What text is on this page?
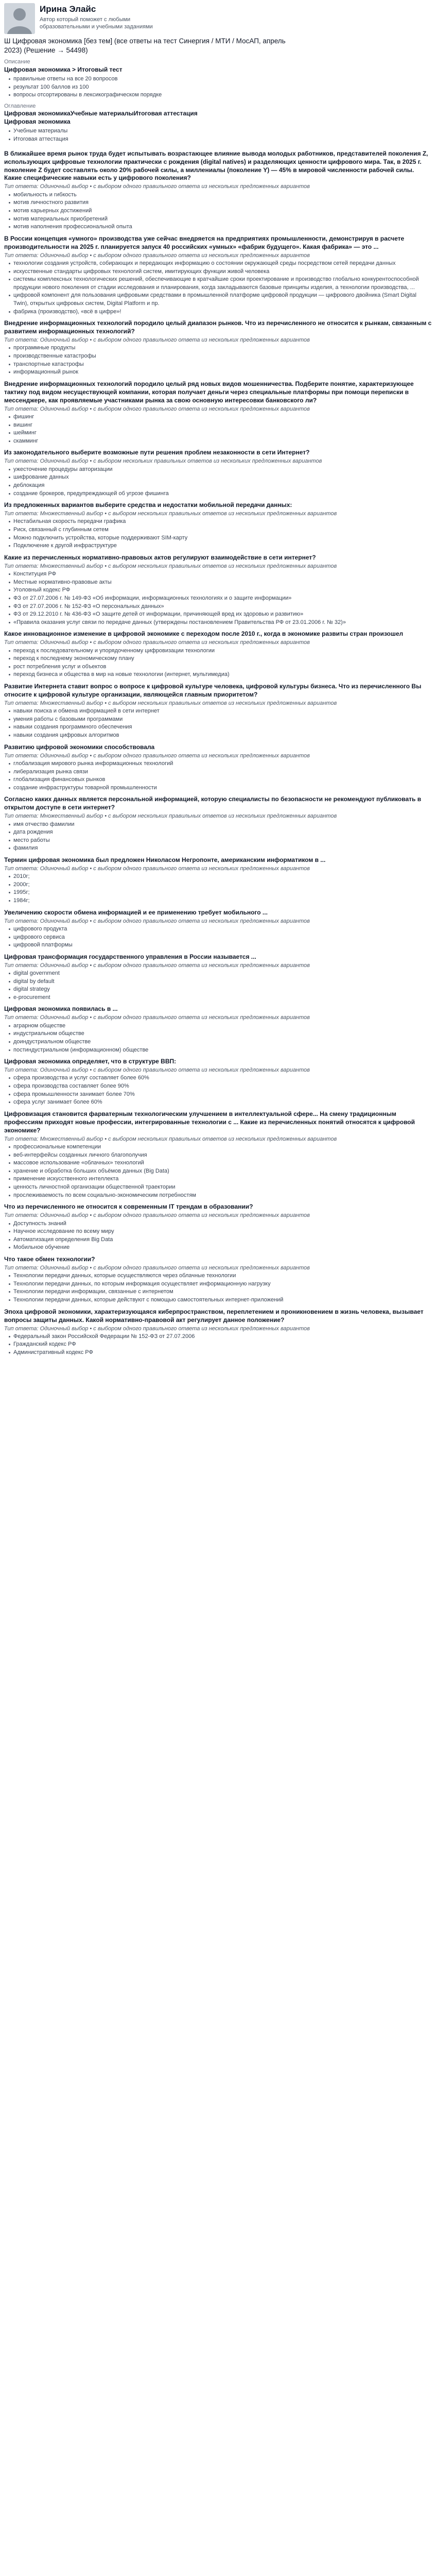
Ирина Элайс
Автор который поможет с любыми образовательными и учебными заданиями
Ш Цифровая экономика [без тем] (все ответы на тест Синергия / МТИ / МосАП, апрель 2023) (Решение → 54498)
Описание
Цифровая экономика > Итоговый тест
правильные ответы на все 20 вопросов
результат 100 баллов из 100
вопросы отсортированы в лексикографическом порядке
Оглавление
Цифровая экономикаУчебные материалыИтоговая аттестация
Цифровая экономика
Учебные материалы
Итоговая аттестация
В ближайшее время рынок труда будет испытывать возрастающее влияние вывода молодых работников, представителей поколения Z, использующих цифровые технологии практически с рождения (digital natives) и разделяющих ценности цифрового мира. Так, в 2025 г. поколение Z будет составлять около 20% рабочей силы, а миллениалы (поколение Y) — 45% в мировой численности рабочей силы. Какие специфические навыки есть у цифрового поколения?
Тип ответа: Одиночный выбор • с выбором одного правильного ответа из нескольких предложенных вариантов
мобильность и гибкость
мотив личностного развития
мотив карьерных достижений
мотив материальных приобретений
мотив наполнения профессиональной опыта
В России концепция «умного» производства уже сейчас внедряется на предприятиях промышленности, демонстрируя в расчете производительности на 2025 г. планируется запуск 40 российских «умных» «фабрик будущего». Какая фабрика» — это ...
Тип ответа: Одиночный выбор • с выбором одного правильного ответа из нескольких предложенных вариантов
технологии создания устройств, собирающих и передающих информацию о состоянии окружающей среды посредством сетей передачи данных
искусственные стандарты цифровых технологий систем, имитирующих функции живой человека
системы комплексных технологических решений, обеспечивающие в кратчайшие сроки проектирование и производство глобально конкурентоспособной продукции нового поколения от стадии исследования и планирования, когда закладываются базовые принципы изделия, а технологии производства, ...
цифровой компонент для пользования цифровыми средствами в промышленной платформе цифровой продукции — цифрового двойника (Smart Digital Twin), открытых цифровых систем, Digital Platform и пр.
фабрика (производство), «всё в цифре»!
Внедрение информационных технологий породило целый диапазон рынков. Что из перечисленного не относится к рынкам, связанным с развитием информационных технологий?
Тип ответа: Одиночный выбор • с выбором одного правильного ответа из нескольких предложенных вариантов
программные продукты
производственные катастрофы
транспортные катастрофы
информационный рынок
Внедрение информационных технологий породило целый ряд новых видов мошенничества. Подберите понятие, характеризующее тактику под видом несуществующей компании, которая получает деньги через специальные платформы при помощи переписки в мессенджере, как проявляемые участниками рынка за свою основную интересовки банковского ли?
Тип ответа: Одиночный выбор • с выбором одного правильного ответа из нескольких предложенных вариантов
фишинг
вишинг
шейминг
скамминг
Из законодательного выберите возможные пути решения проблем незаконности в сети Интернет?
Тип ответа: Одиночный выбор • с выбором нескольких правильных ответов из нескольких предложенных вариантов
ужесточение процедуры авторизации
шифрование данных
деблокация
создание брокеров, предупреждающей об угрозе фишинга
Из предложенных вариантов выберите средства и недостатки мобильной передачи данных:
Тип ответа: Множественный выбор • с выбором нескольких правильных ответов из нескольких предложенных вариантов
Нестабильная скорость передачи графика
Риск, связанный с глубинным сетем
Можно подключить устройства, которые поддерживают SIM-карту
Подключение к другой инфраструктуре
Какие из перечисленных нормативно-правовых актов регулируют взаимодействие в сети интернет?
Тип ответа: Множественный выбор • с выбором нескольких правильных ответов из нескольких предложенных вариантов
Конституция РФ
Местные нормативно-правовые акты
Уголовный кодекс РФ
ФЗ от 27.07.2006 г. № 149-ФЗ «Об информации, информационных технологиях и о защите информации»
ФЗ от 27.07.2006 г. № 152-ФЗ «О персональных данных»
ФЗ от 29.12.2010 г. № 436-ФЗ «О защите детей от информации, причиняющей вред их здоровью и развитию»
«Правила оказания услуг связи по передаче данных (утверждены постановлением Правительства РФ от 23.01.2006 г. № 32)»
Какое инновационное изменение в цифровой экономике с переходом после 2010 г., когда в экономике развиты стран произошел
Тип ответа: Одиночный выбор • с выбором одного правильного ответа из нескольких предложенных вариантов
переход к последовательному и упорядоченному цифровизации технологии
переход к последнему экономическому плану
рост потребления услуг и объектов
переход бизнеса и общества в мир на новые технологии (интернет, мультимедиа)
Развитие Интернета ставит вопрос о вопросе к цифровой культуре человека, цифровой культуры бизнеса. Что из перечисленного Вы относите к цифровой культуре организации, являющейся главным приоритетом?
Тип ответа: Множественный выбор • с выбором нескольких правильных ответов из нескольких предложенных вариантов
навыки поиска и обмена информацией в сети интернет
умения работы с базовыми программами
навыки создания программного обеспечения
навыки создания цифровых алгоритмов
Развитию цифровой экономики способствовала
Тип ответа: Одиночный выбор • с выбором одного правильного ответа из нескольких предложенных вариантов
глобализация мирового рынка информационных технологий
либерализация рынка связи
глобализация финансовых рынков
создание инфраструктуры товарной промышленности
Согласно каких данных является персональной информацией, которую специалисты по безопасности не рекомендуют публиковать в открытом доступе в сети интернет?
Тип ответа: Множественный выбор • с выбором нескольких правильных ответов из нескольких предложенных вариантов
имя отчество фамилии
дата рождения
место работы
фамилия
Термин цифровая экономика был предложен Николасом Негропонте, американским информатиком в ...
Тип ответа: Одиночный выбор • с выбором одного правильного ответа из нескольких предложенных вариантов
2010г;
2000г;
1995г;
1984г;
Увеличению скорости обмена информацией и ее применению требует мобильного ...
Тип ответа: Одиночный выбор • с выбором одного правильного ответа из нескольких предложенных вариантов
цифрового продукта
цифрового сервиса
цифровой платформы
Цифровая трансформация государственного управления в России называется ...
Тип ответа: Одиночный выбор • с выбором одного правильного ответа из нескольких предложенных вариантов
digital government
digital by default
digital strategy
e-procurement
Цифровая экономика появилась в ...
Тип ответа: Одиночный выбор • с выбором одного правильного ответа из нескольких предложенных вариантов
аграрном обществе
индустриальном обществе
доиндустриальном обществе
постиндустриальном (информационном) обществе
Цифровая экономика определяет, что в структуре ВВП:
Тип ответа: Одиночный выбор • с выбором одного правильного ответа из нескольких предложенных вариантов
сфера производства и услуг составляет более 60%
сфера производства составляет более 90%
сфера промышленности занимает более 70%
сфера услуг занимает более 60%
Цифровизация становится фарватерным технологическим улучшением в интеллектуальной сфере... На смену традиционным профессиям приходят новые профессии, интегрированные технологии с ... Какие из перечисленных понятий относятся к цифровой экономике?
Тип ответа: Множественный выбор • с выбором нескольких правильных ответов из нескольких предложенных вариантов
профессиональные компетенции
веб-интерфейсы созданных личного благополучия
массовое использование «облачных» технологий
хранение и обработка больших объёмов данных (Big Data)
применение искусственного интеллекта
ценность личностной организации общественной траектории
прослеживаемость по всем социально-экономическим потребностям
Что из перечисленного не относится к современным IT трендам в образовании?
Тип ответа: Одиночный выбор • с выбором одного правильного ответа из нескольких предложенных вариантов
Доступность знаний
Научное исследование по всему миру
Автоматизация определения Big Data
Мобильное обучение
Что такое обмен технологии?
Тип ответа: Одиночный выбор • с выбором одного правильного ответа из нескольких предложенных вариантов
Технологии передачи данных, которые осуществляются через облачные технологии
Технологии передачи данных, по которым информация осуществляет информационную нагрузку
Технологии передачи информации, связанные с интернетом
Технологии передачи данных, которые действуют с помощью самостоятельных интернет-приложений
Эпоха цифровой экономики, характеризующаяся киберпространством, переплетением и проникновением в жизнь человека, вызывает вопросы защиты данных. Какой нормативно-правовой акт регулирует данное положение?
Тип ответа: Одиночный выбор • с выбором одного правильного ответа из нескольких предложенных вариантов
Федеральный закон Российской Федерации № 152-ФЗ от 27.07.2006
Гражданский кодекс РФ
Административный кодекс РФ
